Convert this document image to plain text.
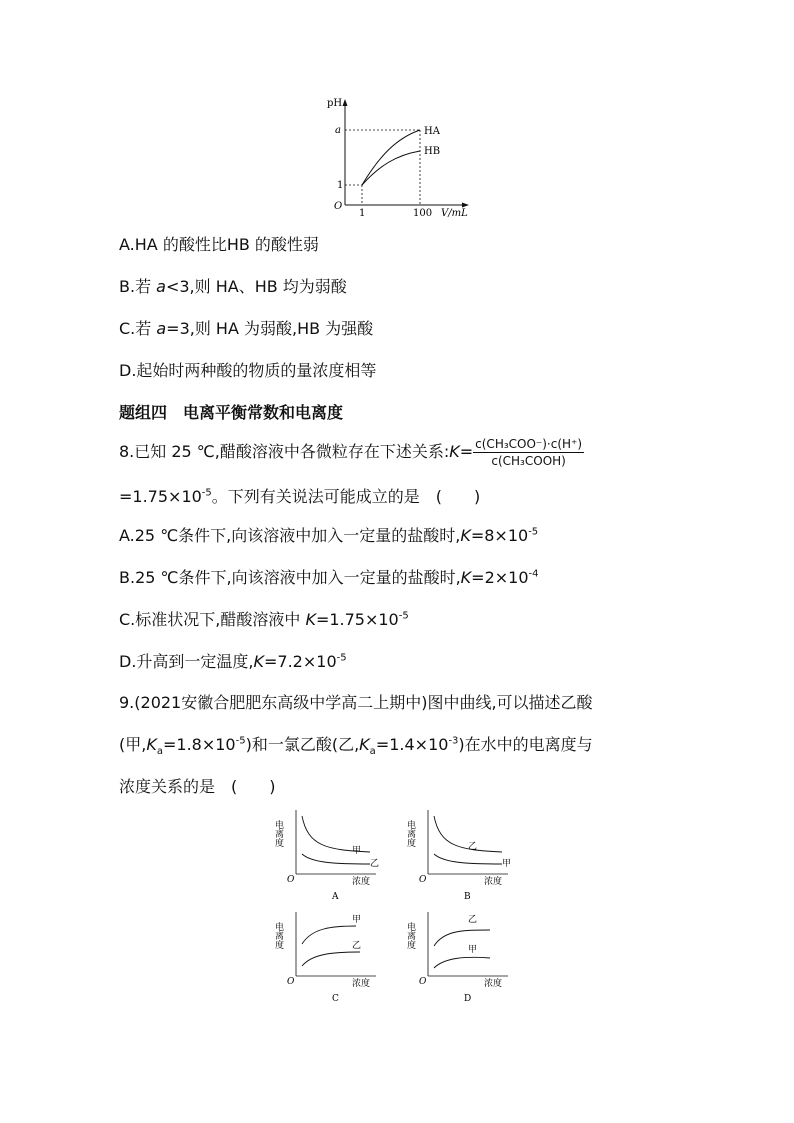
pH
V/mL
O
a
1
1	100
HA
HB
A.HA 的酸性比HB 的酸性弱
B.若 a<3,则 HA、HB 均为弱酸
C.若 a=3,则 HA 为弱酸,HB 为强酸
D.起始时两种酸的物质的量浓度相等
题组四　电离平衡常数和电离度
8.已知 25 ℃,醋酸溶液中各微粒存在下述关系:K= $\frac{\text{c(CH₃COO⁻)·c(H⁺)}}{\text{c(CH₃COOH)}}$
$=1.75\times 10^{-5}$。下列有关说法可能成立的是　(　　)
A.25 ℃条件下,向该溶液中加入一定量的盐酸时$,K=8\times 10^{-5}$
B.25 ℃条件下,向该溶液中加入一定量的盐酸时$,K=2\times 10^{-4}$
C.标准状况下,醋酸溶液中 $K=1.75\times 10^{-5}$
D.升高到一定温度$,K=7.2\times 10^{-5}$
9.(2021安徽合肥肥东高级中学高二上期中)图中曲线,可以描述乙酸
(甲$,K_a=1.8\times 10^{-5}$)和一氯乙酸(乙$,K_a=1.4\times 10^{-3}$)在水中的电离度与
浓度关系的是　(　　)
电离度
O	浓度
甲
乙
A
电离度
O	浓度
乙
甲
B
电离度
O	浓度
甲
乙
C
电离度
O	浓度
乙
甲
D
